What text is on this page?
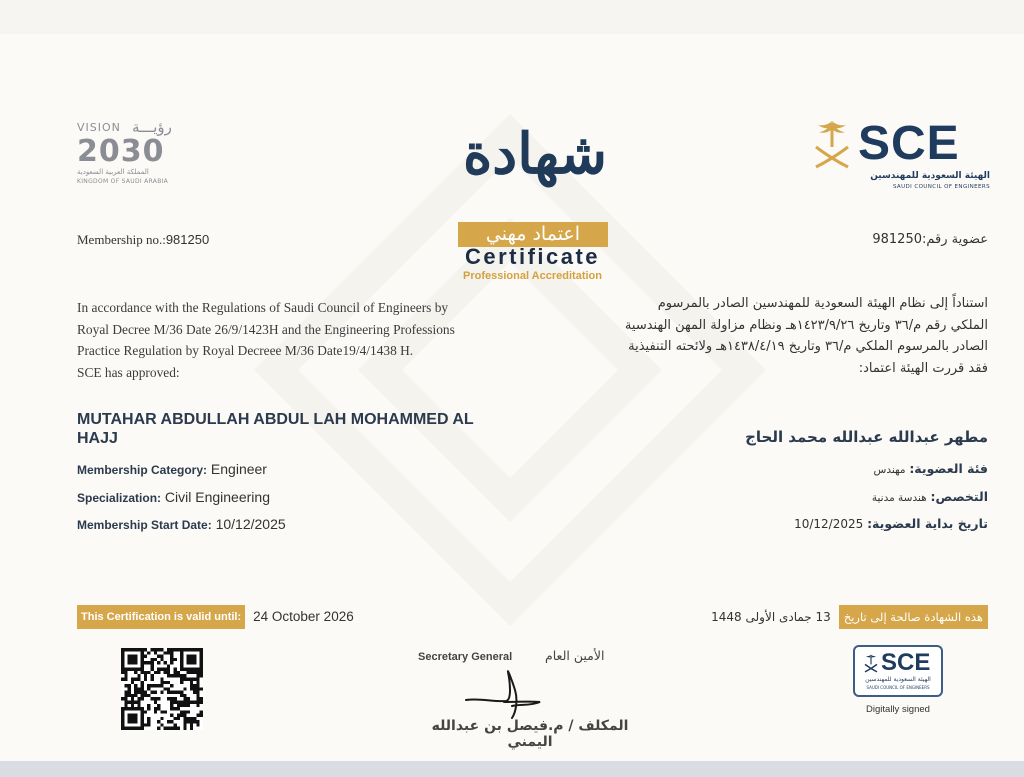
VISION رؤيـــة
2030
المملكة العربية السعودية
KINGDOM OF SAUDI ARABIA
SCE
الهيئة السعودية للمهندسين
SAUDI COUNCIL OF ENGINEERS
شهادة
اعتماد مهني
Certificate
Professional Accreditation
Membership no.:981250	عضوية رقم:981250

In accordance with the Regulations of Saudi Council of Engineers by

Royal Decree M/36 Date 26/9/1423H and the Engineering Professions

Practice Regulation by Royal Decreee M/36 Date19/4/1438 H.

SCE has approved:

استناداً إلى نظام الهيئة السعودية للمهندسين الصادر بالمرسوم

الملكي رقم م/٣٦ وتاريخ ١٤٢٣/٩/٢٦هـ ونظام مزاولة المهن الهندسية

الصادر بالمرسوم الملكي م/٣٦ وتاريخ ١٤٣٨/٤/١٩هـ ولائحته التنفيذية

فقد قررت الهيئة اعتماد:

MUTAHAR ABDULLAH ABDUL LAH MOHAMMED AL HAJJ	مطهر عبدالله عبدالله محمد الحاج
Membership Category: Engineer
Specialization: Civil Engineering
Membership Start Date: 10/12/2025
فئة العضوية: مهندس
التخصص: هندسة مدنية
تاريخ بداية العضوية: 10/12/2025
This Certification is valid until: 24 October 2026	هذه الشهادة صالحة إلى تاريخ13 جمادى الأولى 1448
Secretary General	الأمين العام
المكلف / م.فيصل بن عبدالله اليمني
SCE
الهيئة السعودية للمهندسين
SAUDI COUNCIL OF ENGINEERS
Digitally signed
